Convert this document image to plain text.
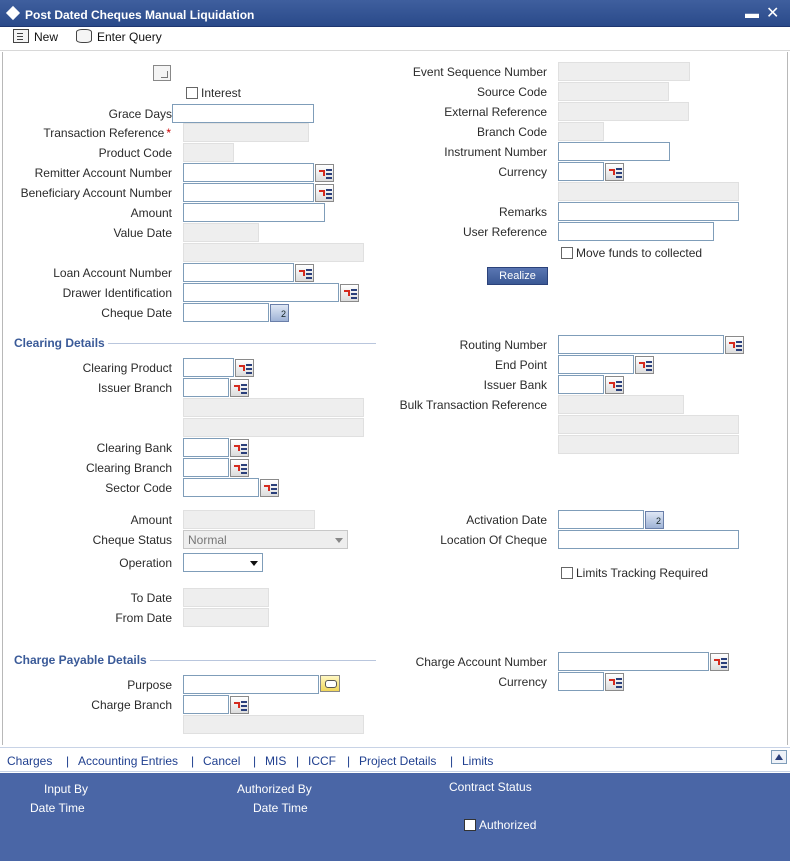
Post Dated Cheques Manual Liquidation	▬ ✕
New	Enter Query
Interest
Grace Days
Transaction Reference *
Product Code
Remitter Account Number
Beneficiary Account Number
Amount
Value Date
Loan Account Number
Drawer Identification
Cheque Date	2
Event Sequence Number
Source Code
External Reference
Branch Code
Instrument Number
Currency
Remarks
User Reference
Move funds to collected
Realize
Clearing Details
Clearing Product
Issuer Branch
Clearing Bank
Clearing Branch
Sector Code
Routing Number
End Point
Issuer Bank
Bulk Transaction Reference
Amount
Cheque Status	Normal
Operation
To Date
From Date
Activation Date	2
Location Of Cheque
Limits Tracking Required
Charge Payable Details
Purpose
Charge Branch
Charge Account Number
Currency
Charges | Accounting Entries | Cancel | MIS | ICCF | Project Details | Limits
Input By
Date Time
Authorized By
Date Time
Contract Status
Authorized
